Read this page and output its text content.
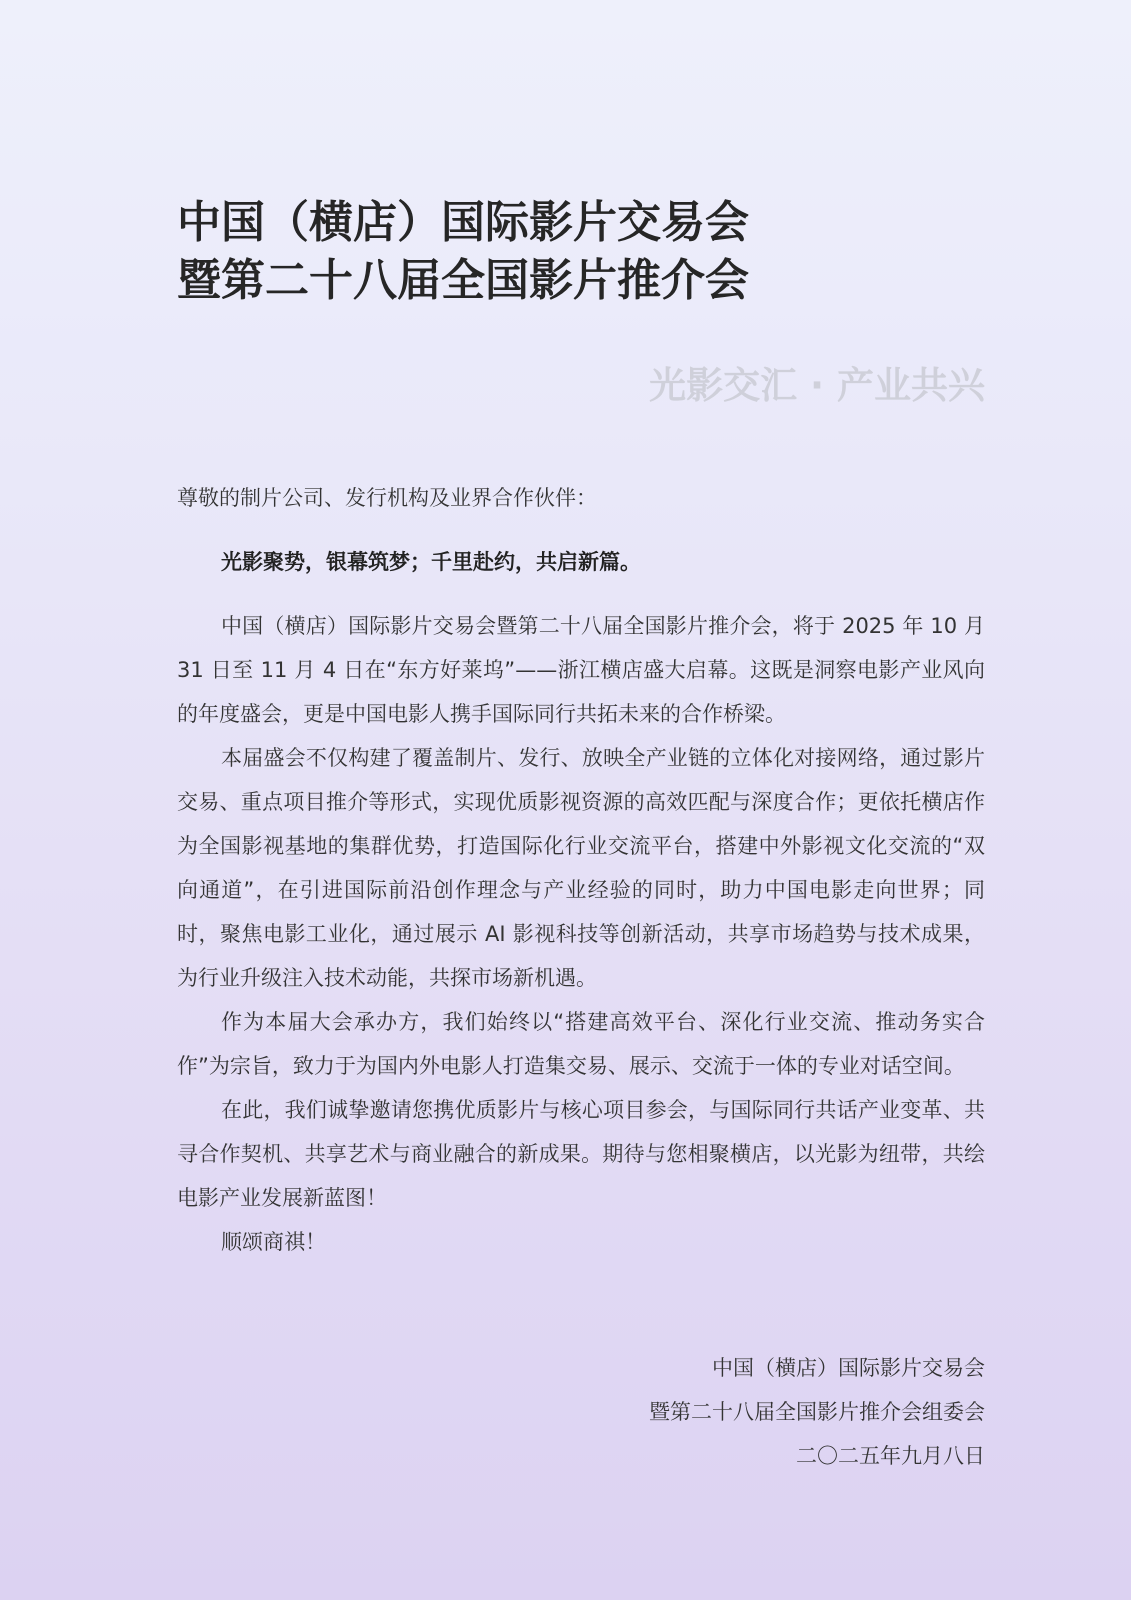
中国（横店）国际影片交易会
暨第二十八届全国影片推介会
光影交汇 · 产业共兴
尊敬的制片公司、发行机构及业界合作伙伴：
光影聚势，银幕筑梦；千里赴约，共启新篇。
中国（横店）国际影片交易会暨第二十八届全国影片推介会，将于 2025 年 10 月 31 日至 11 月 4 日在“东方好莱坞”——浙江横店盛大启幕。这既是洞察电影产业风向的年度盛会，更是中国电影人携手国际同行共拓未来的合作桥梁。
本届盛会不仅构建了覆盖制片、发行、放映全产业链的立体化对接网络，通过影片交易、重点项目推介等形式，实现优质影视资源的高效匹配与深度合作；更依托横店作为全国影视基地的集群优势，打造国际化行业交流平台，搭建中外影视文化交流的“双向通道”，在引进国际前沿创作理念与产业经验的同时，助力中国电影走向世界；同时，聚焦电影工业化，通过展示 AI 影视科技等创新活动，共享市场趋势与技术成果，为行业升级注入技术动能，共探市场新机遇。
作为本届大会承办方，我们始终以“搭建高效平台、深化行业交流、推动务实合作”为宗旨，致力于为国内外电影人打造集交易、展示、交流于一体的专业对话空间。
在此，我们诚挚邀请您携优质影片与核心项目参会，与国际同行共话产业变革、共寻合作契机、共享艺术与商业融合的新成果。期待与您相聚横店，以光影为纽带，共绘电影产业发展新蓝图！
顺颂商祺！
中国（横店）国际影片交易会
暨第二十八届全国影片推介会组委会
二〇二五年九月八日
